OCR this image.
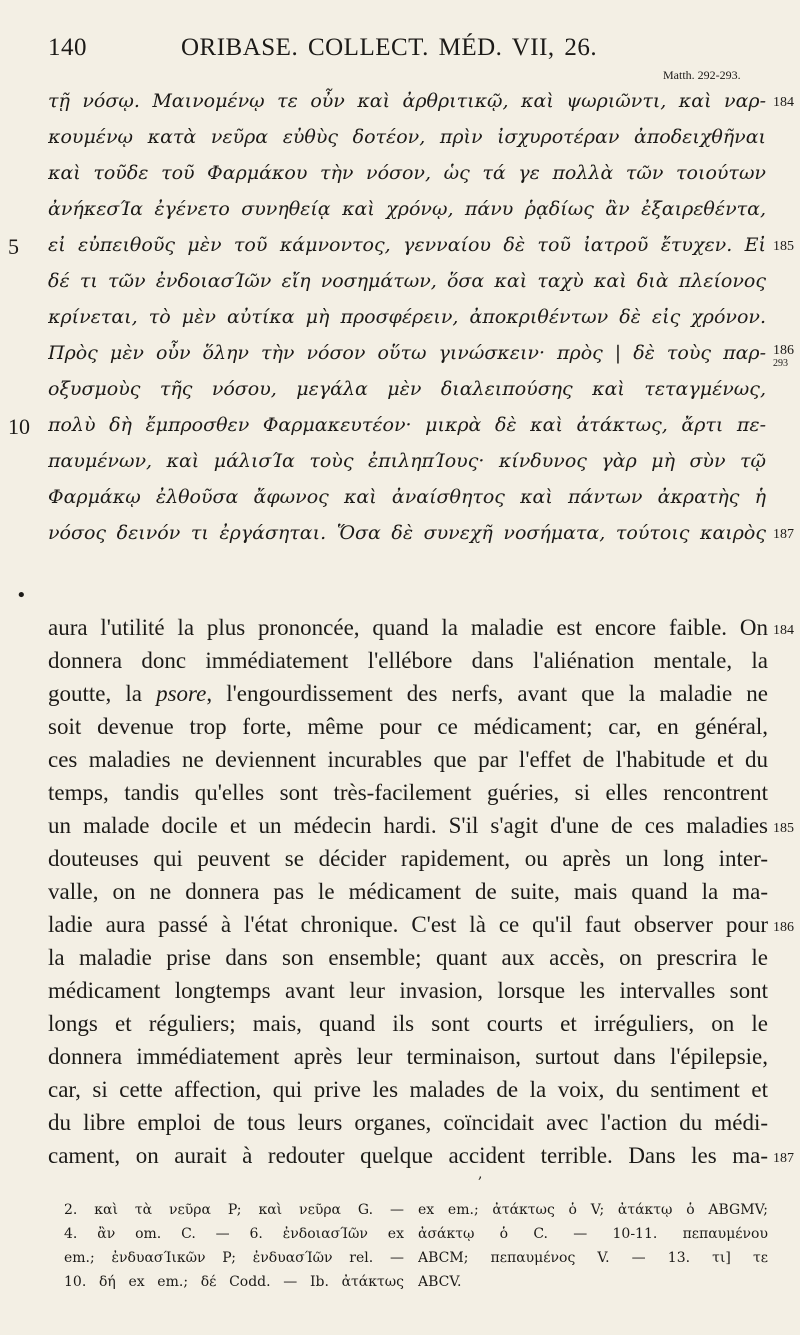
140	ORIBASE. COLLECT. MÉD. VII, 26.
Matth. 292-293.
τῇ νόσῳ. Μαινομένῳ τε οὖν καὶ ἀρθριτικῷ, καὶ ψωριῶντι, καὶ ναρ-
κουμένῳ κατὰ νεῦρα εὐθὺς δοτέον, πρὶν ἰσχυροτέραν ἀποδειχθῆναι
καὶ τοῦδε τοῦ Φαρμάκου τὴν νόσον, ὡς τά γε πολλὰ τῶν τοιούτων
ἀνήκεσΊα ἐγένετο συνηθείᾳ καὶ χρόνῳ, πάνυ ῥᾳδίως ἂν ἐξαιρεθέντα,
εἰ εὐπειθοῦς μὲν τοῦ κάμνοντος, γενναίου δὲ τοῦ ἰατροῦ ἔτυχεν. Εἰ
δέ τι τῶν ἐνδοιασΊῶν εἴη νοσημάτων, ὅσα καὶ ταχὺ καὶ διὰ πλείονος
κρίνεται, τὸ μὲν αὐτίκα μὴ προσφέρειν, ἀποκριθέντων δὲ εἰς χρόνον.
Πρὸς μὲν οὖν ὅλην τὴν νόσον οὕτω γινώσκειν· πρὸς | δὲ τοὺς παρ-
οξυσμοὺς τῆς νόσου, μεγάλα μὲν διαλειπούσης καὶ τεταγμένως,
πολὺ δὴ ἔμπροσθεν Φαρμακευτέον· μικρὰ δὲ καὶ ἀτάκτως, ἄρτι πε-
παυμένων, καὶ μάλισΊα τοὺς ἐπιληπΊους· κίνδυνος γὰρ μὴ σὺν τῷ
Φαρμάκῳ ἐλθοῦσα ἄφωνος καὶ ἀναίσθητος καὶ πάντων ἀκρατὴς ἡ
νόσος δεινόν τι ἐργάσηται. Ὅσα δὲ συνεχῆ νοσήματα, τούτοις καιρὸς
5
10
184
185
186
293
187
•
aura l'utilité la plus prononcée, quand la maladie est encore faible. On
donnera donc immédiatement l'ellébore dans l'aliénation mentale, la
goutte, la psore, l'engourdissement des nerfs, avant que la maladie ne
soit devenue trop forte, même pour ce médicament; car, en général,
ces maladies ne deviennent incurables que par l'effet de l'habitude et du
temps, tandis qu'elles sont très-facilement guéries, si elles rencontrent
un malade docile et un médecin hardi. S'il s'agit d'une de ces maladies
douteuses qui peuvent se décider rapidement, ou après un long inter-
valle, on ne donnera pas le médicament de suite, mais quand la ma-
ladie aura passé à l'état chronique. C'est là ce qu'il faut observer pour
la maladie prise dans son ensemble; quant aux accès, on prescrira le
médicament longtemps avant leur invasion, lorsque les intervalles sont
longs et réguliers; mais, quand ils sont courts et irréguliers, on le
donnera immédiatement après leur terminaison, surtout dans l'épilepsie,
car, si cette affection, qui prive les malades de la voix, du sentiment et
du libre emploi de tous leurs organes, coïncidait avec l'action du médi-
cament, on aurait à redouter quelque accident terrible. Dans les ma-
184
185
186
187
,
2. καὶ τὰ νεῦρα P; καὶ νεῦρα G. —
4. ἂν om. C. — 6. ἐνδοιασΊῶν ex
em.; ἐνδυασΊικῶν P; ἐνδυασΊῶν rel. —
10. δή ex em.; δέ Codd. — Ib. ἀτάκτως
ex em.; ἀτάκτως ὁ V; ἀτάκτῳ ὁ ABGMV;
ἀσάκτῳ ὁ C. — 10-11. πεπαυμένου
ABCM; πεπαυμένος V. — 13. τι] τε
ABCV.
